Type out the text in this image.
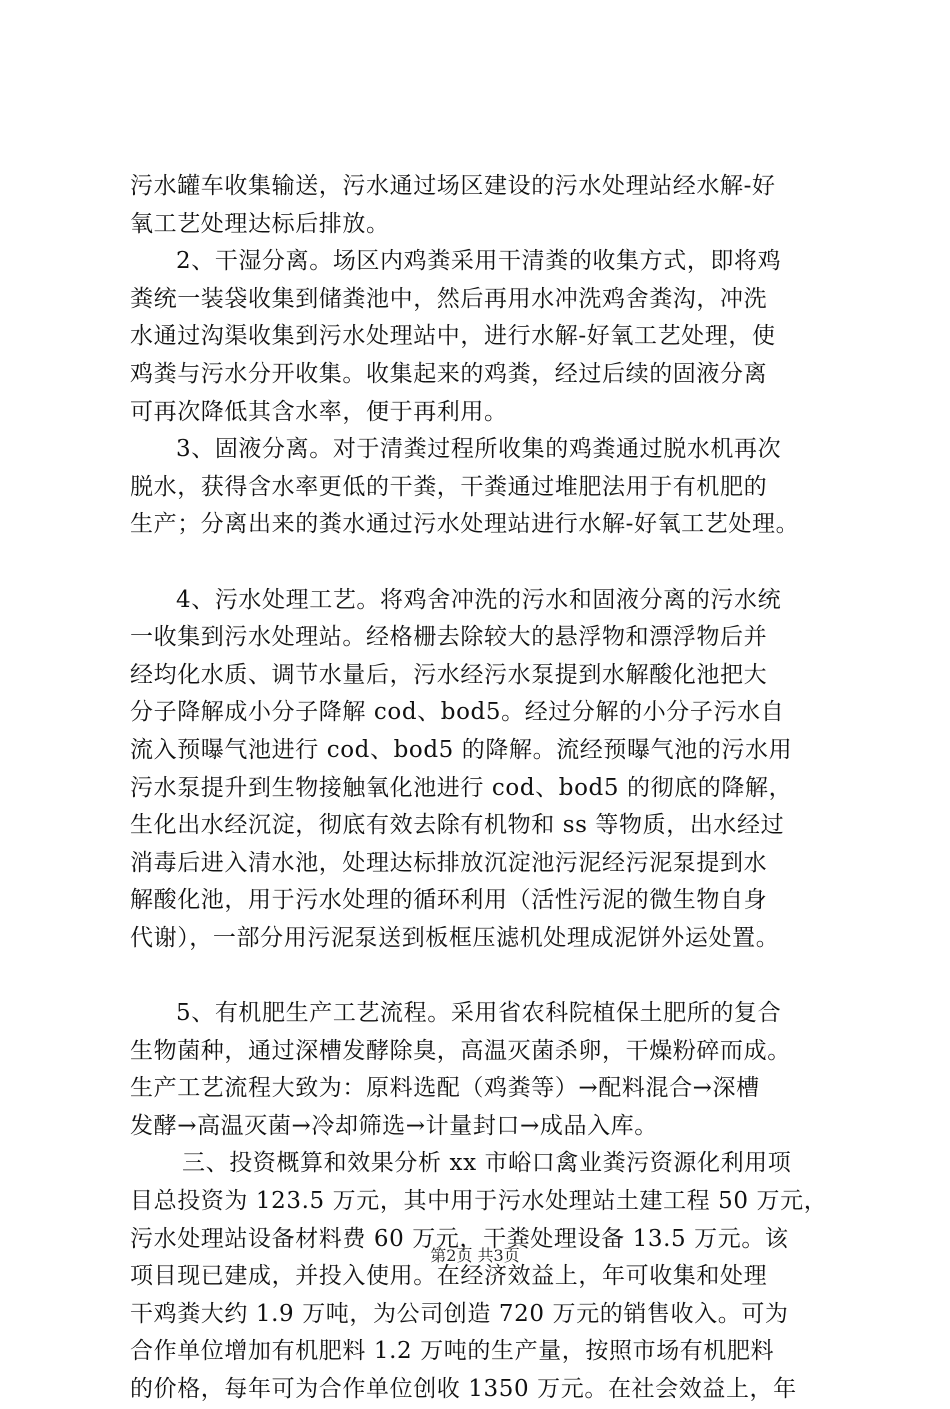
污水罐车收集输送，污水通过场区建设的污水处理站经水解-好
氧工艺处理达标后排放。
2、干湿分离。场区内鸡粪采用干清粪的收集方式，即将鸡
粪统一装袋收集到储粪池中，然后再用水冲洗鸡舍粪沟，冲洗
水通过沟渠收集到污水处理站中，进行水解-好氧工艺处理，使
鸡粪与污水分开收集。收集起来的鸡粪，经过后续的固液分离
可再次降低其含水率，便于再利用。
3、固液分离。对于清粪过程所收集的鸡粪通过脱水机再次
脱水，获得含水率更低的干粪，干粪通过堆肥法用于有机肥的
生产；分离出来的粪水通过污水处理站进行水解-好氧工艺处理。
4、污水处理工艺。将鸡舍冲洗的污水和固液分离的污水统
一收集到污水处理站。经格栅去除较大的悬浮物和漂浮物后并
经均化水质、调节水量后，污水经污水泵提到水解酸化池把大
分子降解成小分子降解 cod、bod5。经过分解的小分子污水自
流入预曝气池进行 cod、bod5 的降解。流经预曝气池的污水用
污水泵提升到生物接触氧化池进行 cod、bod5 的彻底的降解，
生化出水经沉淀，彻底有效去除有机物和 ss 等物质，出水经过
消毒后进入清水池，处理达标排放沉淀池污泥经污泥泵提到水
解酸化池，用于污水处理的循环利用（活性污泥的微生物自身
代谢），一部分用污泥泵送到板框压滤机处理成泥饼外运处置。
5、有机肥生产工艺流程。采用省农科院植保土肥所的复合
生物菌种，通过深槽发酵除臭，高温灭菌杀卵，干燥粉碎而成。
生产工艺流程大致为：原料选配（鸡粪等）→配料混合→深槽
发酵→高温灭菌→冷却筛选→计量封口→成品入库。
三、投资概算和效果分析 xx 市峪口禽业粪污资源化利用项
目总投资为 123.5 万元，其中用于污水处理站土建工程 50 万元，
污水处理站设备材料费 60 万元，干粪处理设备 13.5 万元。该
项目现已建成，并投入使用。在经济效益上，年可收集和处理
干鸡粪大约 1.9 万吨，为公司创造 720 万元的销售收入。可为
合作单位增加有机肥料 1.2 万吨的生产量，按照市场有机肥料
的价格，每年可为合作单位创收 1350 万元。在社会效益上，年
第2页 共3页
